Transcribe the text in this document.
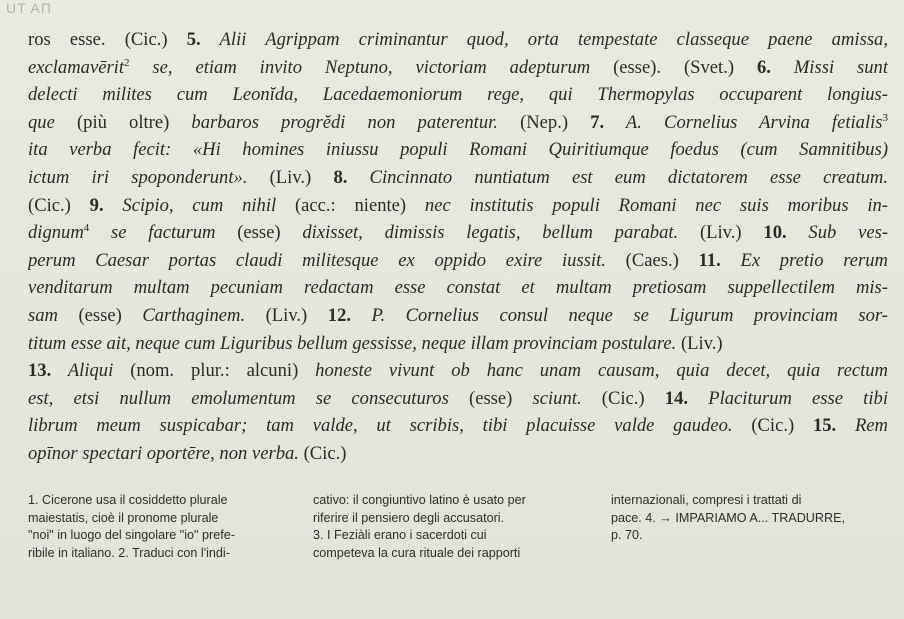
UT AΠ
ros esse. (Cic.) 5. Alii Agrippam criminantur quod, orta tempestate classeque paene amissa,
exclamavērit$^2$ se, etiam invito Neptuno, victoriam adepturum (esse). (Svet.) 6. Missi sunt
delecti milites cum Leonĭda, Lacedaemoniorum rege, qui Thermopylas occuparent longius-
que (più oltre) barbaros progrĕdi non paterentur. (Nep.) 7. A. Cornelius Arvina fetialis$^3$
ita verba fecit: «Hi homines iniussu populi Romani Quiritiumque foedus (cum Samnitibus)
ictum iri spoponderunt». (Liv.) 8. Cincinnato nuntiatum est eum dictatorem esse creatum.
(Cic.) 9. Scipio, cum nihil (acc.: niente) nec institutis populi Romani nec suis moribus in-
dignum$^4$ se facturum (esse) dixisset, dimissis legatis, bellum parabat. (Liv.) 10. Sub ves-
perum Caesar portas claudi militesque ex oppido exire iussit. (Caes.) 11. Ex pretio rerum
venditarum multam pecuniam redactam esse constat et multam pretiosam suppellectilem mis-
sam (esse) Carthaginem. (Liv.) 12. P. Cornelius consul neque se Ligurum provinciam sor-
titum esse ait, neque cum Liguribus bellum gessisse, neque illam provinciam postulare. (Liv.)
13. Aliqui (nom. plur.: alcuni) honeste vivunt ob hanc unam causam, quia decet, quia rectum
est, etsi nullum emolumentum se consecuturos (esse) sciunt. (Cic.) 14. Placiturum esse tibi
librum meum suspicabar; tam valde, ut scribis, tibi placuisse valde gaudeo. (Cic.) 15. Rem
opīnor spectari oportēre, non verba. (Cic.)
1. Cicerone usa il cosiddetto plurale
maiestatis, cioè il pronome plurale
"noi" in luogo del singolare "io" prefe-
ribile in italiano. 2. Traduci con l'indi-
cativo: il congiuntivo latino è usato per
riferire il pensiero degli accusatori.
3. I Feziàli erano i sacerdoti cui
competeva la cura rituale dei rapporti
internazionali, compresi i trattati di
pace. 4. → IMPARIAMO A... TRADURRE,
p. 70.
